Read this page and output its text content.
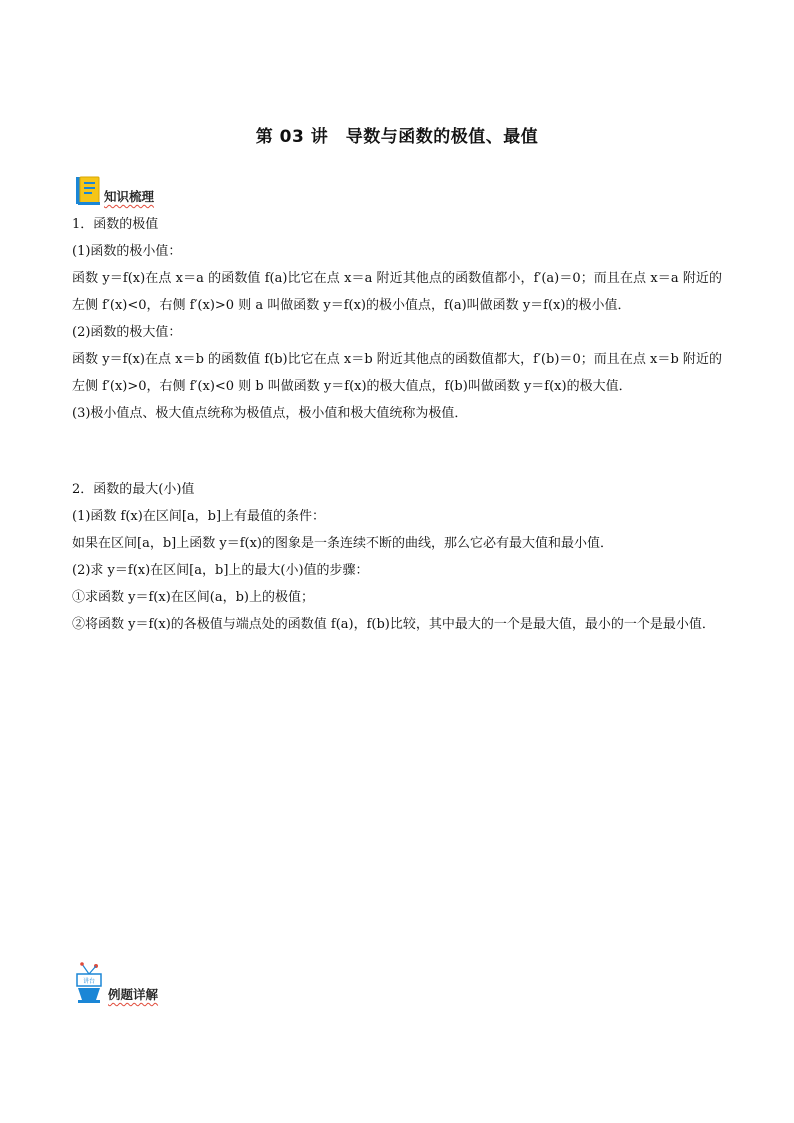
第 03 讲　导数与函数的极值、最值
知识梳理
1．函数的极值
(1)函数的极小值：
函数 y＝f(x)在点 x＝a 的函数值 f(a)比它在点 x＝a 附近其他点的函数值都小，f′(a)＝0；而且在点 x＝a 附近的左侧 f′(x)<0，右侧 f′(x)>0 则 a 叫做函数 y＝f(x)的极小值点，f(a)叫做函数 y＝f(x)的极小值．
(2)函数的极大值：
函数 y＝f(x)在点 x＝b 的函数值 f(b)比它在点 x＝b 附近其他点的函数值都大，f′(b)＝0；而且在点 x＝b 附近的左侧 f′(x)>0，右侧 f′(x)<0 则 b 叫做函数 y＝f(x)的极大值点，f(b)叫做函数 y＝f(x)的极大值．
(3)极小值点、极大值点统称为极值点，极小值和极大值统称为极值．
2．函数的最大(小)值
(1)函数 f(x)在区间[a，b]上有最值的条件：
如果在区间[a，b]上函数 y＝f(x)的图象是一条连续不断的曲线，那么它必有最大值和最小值．
(2)求 y＝f(x)在区间[a，b]上的最大(小)值的步骤：
①求函数 y＝f(x)在区间(a，b)上的极值；
②将函数 y＝f(x)的各极值与端点处的函数值 f(a)，f(b)比较，其中最大的一个是最大值，最小的一个是最小值．
讲台
例题详解
